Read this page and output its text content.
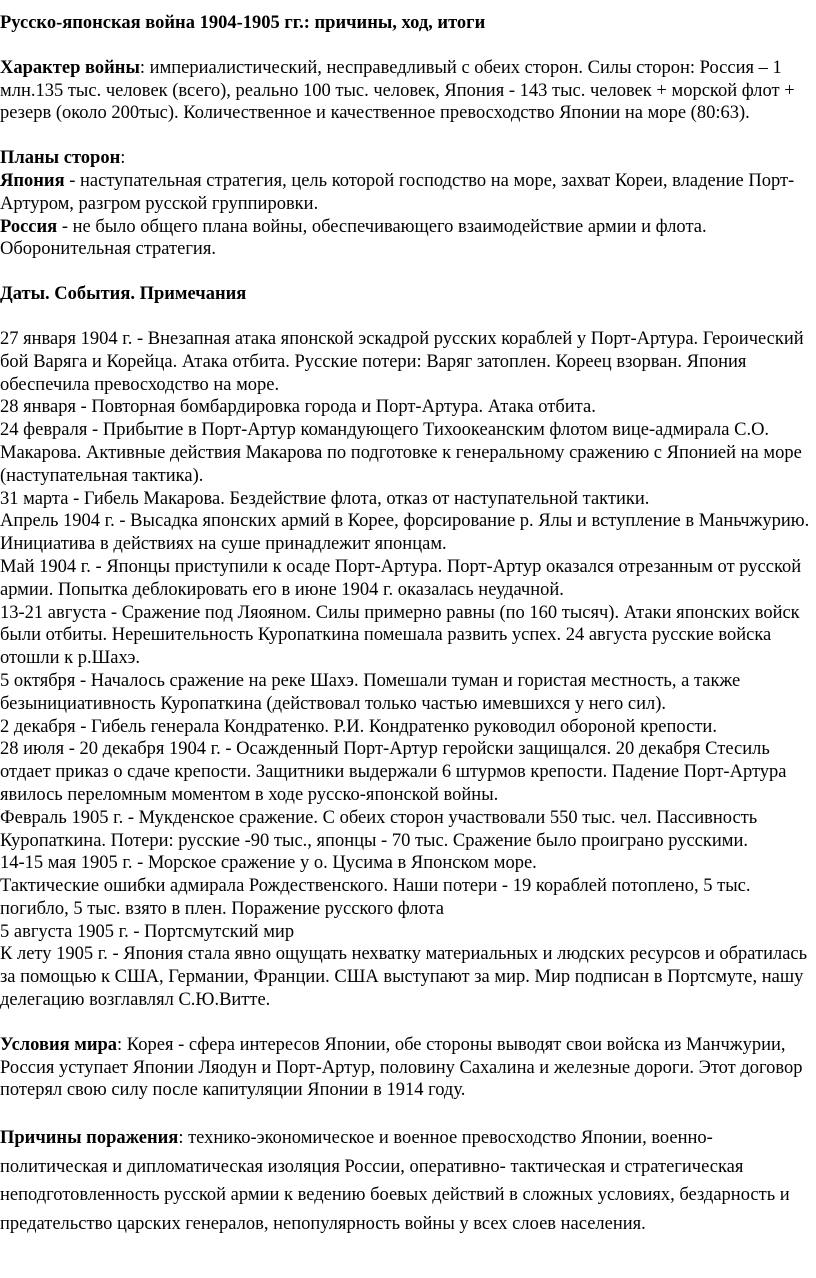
Русско-японская война 1904-1905 гг.: причины, ход, итоги

Характер войны: империалистический, несправедливый с обеих сторон. Силы сторон: Россия – 1 млн.135 тыс. человек (всего), реально 100 тыс. человек, Япония - 143 тыс. человек + морской флот + резерв (около 200тыс). Количественное и качественное превосходство Японии на море (80:63).

Планы сторон:

Япония - наступательная стратегия, цель которой господство на море, захват Кореи, владение Порт-Артуром, разгром русской группировки.

Россия - не было общего плана войны, обеспечивающего взаимодействие армии и флота. Оборонительная стратегия.

Даты. События. Примечания

27 января 1904 г. - Внезапная атака японской эскадрой русских кораблей у Порт-Артура. Героический бой Варяга и Корейца. Атака отбита. Русские потери: Варяг затоплен. Кореец взорван. Япония обеспечила превосходство на море.

28 января - Повторная бомбардировка города и Порт-Артура. Атака отбита.

24 февраля - Прибытие в Порт-Артур командующего Тихоокеанским флотом вице-адмирала С.О. Макарова. Активные действия Макарова по подготовке к генеральному сражению с Японией на море (наступательная тактика).

31 марта - Гибель Макарова. Бездействие флота, отказ от наступательной тактики.

Апрель 1904 г. - Высадка японских армий в Корее, форсирование р. Ялы и вступление в Маньчжурию. Инициатива в действиях на суше принадлежит японцам.

Май 1904 г. - Японцы приступили к осаде Порт-Артура. Порт-Артур оказался отрезанным от русской армии. Попытка деблокировать его в июне 1904 г. оказалась неудачной.

13-21 августа - Сражение под Ляояном. Силы примерно равны (по 160 тысяч). Атаки японских войск были отбиты. Нерешительность Куропаткина помешала развить успех. 24 августа русские войска отошли к р.Шахэ.

5 октября - Началось сражение на реке Шахэ. Помешали туман и гористая местность, а также безынициативность Куропаткина (действовал только частью имевшихся у него сил).

2 декабря - Гибель генерала Кондратенко. Р.И. Кондратенко руководил обороной крепости.

28 июля - 20 декабря 1904 г. - Осажденный Порт-Артур геройски защищался. 20 декабря Стесиль отдает приказ о сдаче крепости. Защитники выдержали 6 штурмов крепости. Падение Порт-Артура явилось переломным моментом в ходе русско-японской войны.

Февраль 1905 г. - Мукденское сражение. С обеих сторон участвовали 550 тыс. чел. Пассивность Куропаткина. Потери: русские -90 тыс., японцы - 70 тыс. Сражение было проиграно русскими.

14-15 мая 1905 г. - Морское сражение у о. Цусима в Японском море.

Тактические ошибки адмирала Рождественского. Наши потери - 19 кораблей потоплено, 5 тыс. погибло, 5 тыс. взято в плен. Поражение русского флота

5 августа 1905 г. - Портсмутский мир

К лету 1905 г. - Япония стала явно ощущать нехватку материальных и людских ресурсов и обратилась за помощью к США, Германии, Франции. США выступают за мир. Мир подписан в Портсмуте, нашу делегацию возглавлял С.Ю.Витте.

Условия мира: Корея - сфера интересов Японии, обе стороны выводят свои войска из Манчжурии, Россия уступает Японии Ляодун и Порт-Артур, половину Сахалина и железные дороги. Этот договор потерял свою силу после капитуляции Японии в 1914 году.

Причины поражения: технико-экономическое и военное превосходство Японии, военно-политическая и дипломатическая изоляция России, оперативно- тактическая и стратегическая неподготовленность русской армии к ведению боевых действий в сложных условиях, бездарность и предательство царских генералов, непопулярность войны у всех слоев населения.
